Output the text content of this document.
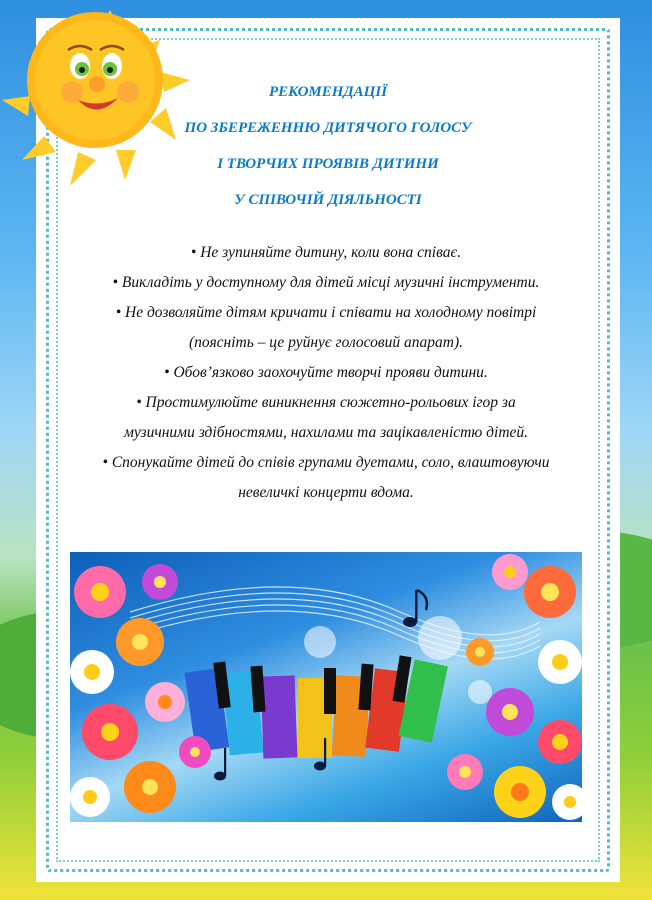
РЕКОМЕНДАЦІЇ
ПО ЗБЕРЕЖЕННЮ ДИТЯЧОГО ГОЛОСУ
І ТВОРЧИХ ПРОЯВІВ ДИТИНИ
У СПІВОЧІЙ ДІЯЛЬНОСТІ
• Не зупиняйте дитину, коли вона співає.
• Викладіть у доступному для дітей місці музичні інструменти.
• Не дозволяйте дітям кричати і співати на холодному повітрі
(поясніть – це руйнує голосовий апарат).
• Обов’язково заохочуйте творчі прояви дитини.
• Простимулюйте виникнення сюжетно-рольових ігор за
музичними здібностями, нахилами та зацікавленістю дітей.
• Спонукайте дітей до співів групами дуетами, соло, влаштовуючи
невеличкі концерти вдома.
